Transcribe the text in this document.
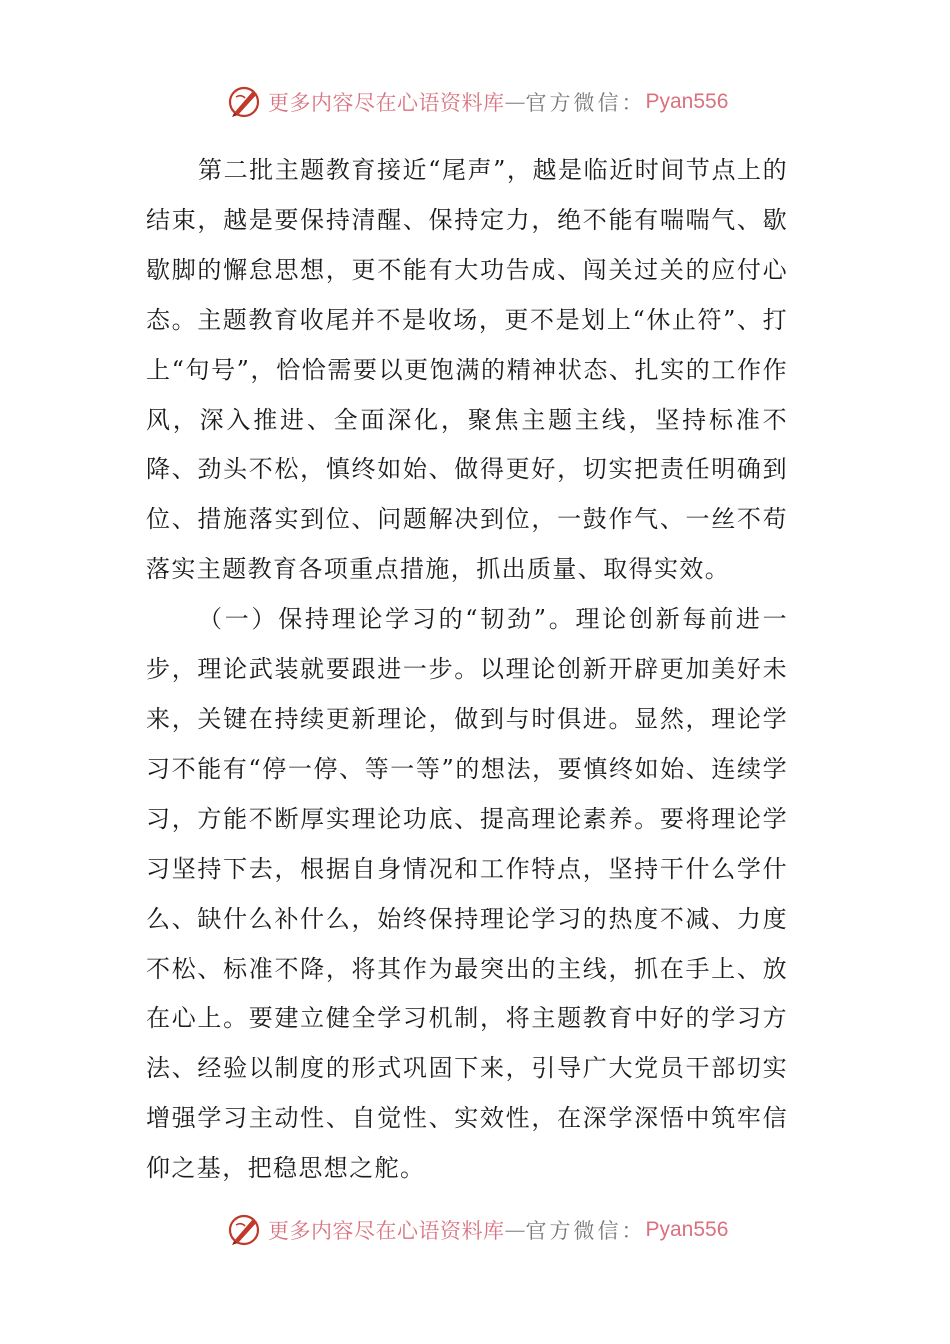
更多内容尽在心语资料库 — 官方微信： Pyan556

第二批主题教育接近“尾声”，越是临近时间节点上的结束，越是要保持清醒、保持定力，绝不能有喘喘气、歇歇脚的懈怠思想，更不能有大功告成、闯关过关的应付心态。主题教育收尾并不是收场，更不是划上“休止符”、打上“句号”，恰恰需要以更饱满的精神状态、扎实的工作作风，深入推进、全面深化，聚焦主题主线，坚持标准不降、劲头不松，慎终如始、做得更好，切实把责任明确到位、措施落实到位、问题解决到位，一鼓作气、一丝不苟落实主题教育各项重点措施，抓出质量、取得实效。

（一）保持理论学习的“韧劲”。理论创新每前进一步，理论武装就要跟进一步。以理论创新开辟更加美好未来，关键在持续更新理论，做到与时俱进。显然，理论学习不能有“停一停、等一等”的想法，要慎终如始、连续学习，方能不断厚实理论功底、提高理论素养。要将理论学习坚持下去，根据自身情况和工作特点，坚持干什么学什么、缺什么补什么，始终保持理论学习的热度不减、力度不松、标准不降，将其作为最突出的主线，抓在手上、放在心上。要建立健全学习机制，将主题教育中好的学习方法、经验以制度的形式巩固下来，引导广大党员干部切实增强学习主动性、自觉性、实效性，在深学深悟中筑牢信仰之基，把稳思想之舵。

更多内容尽在心语资料库 — 官方微信： Pyan556
